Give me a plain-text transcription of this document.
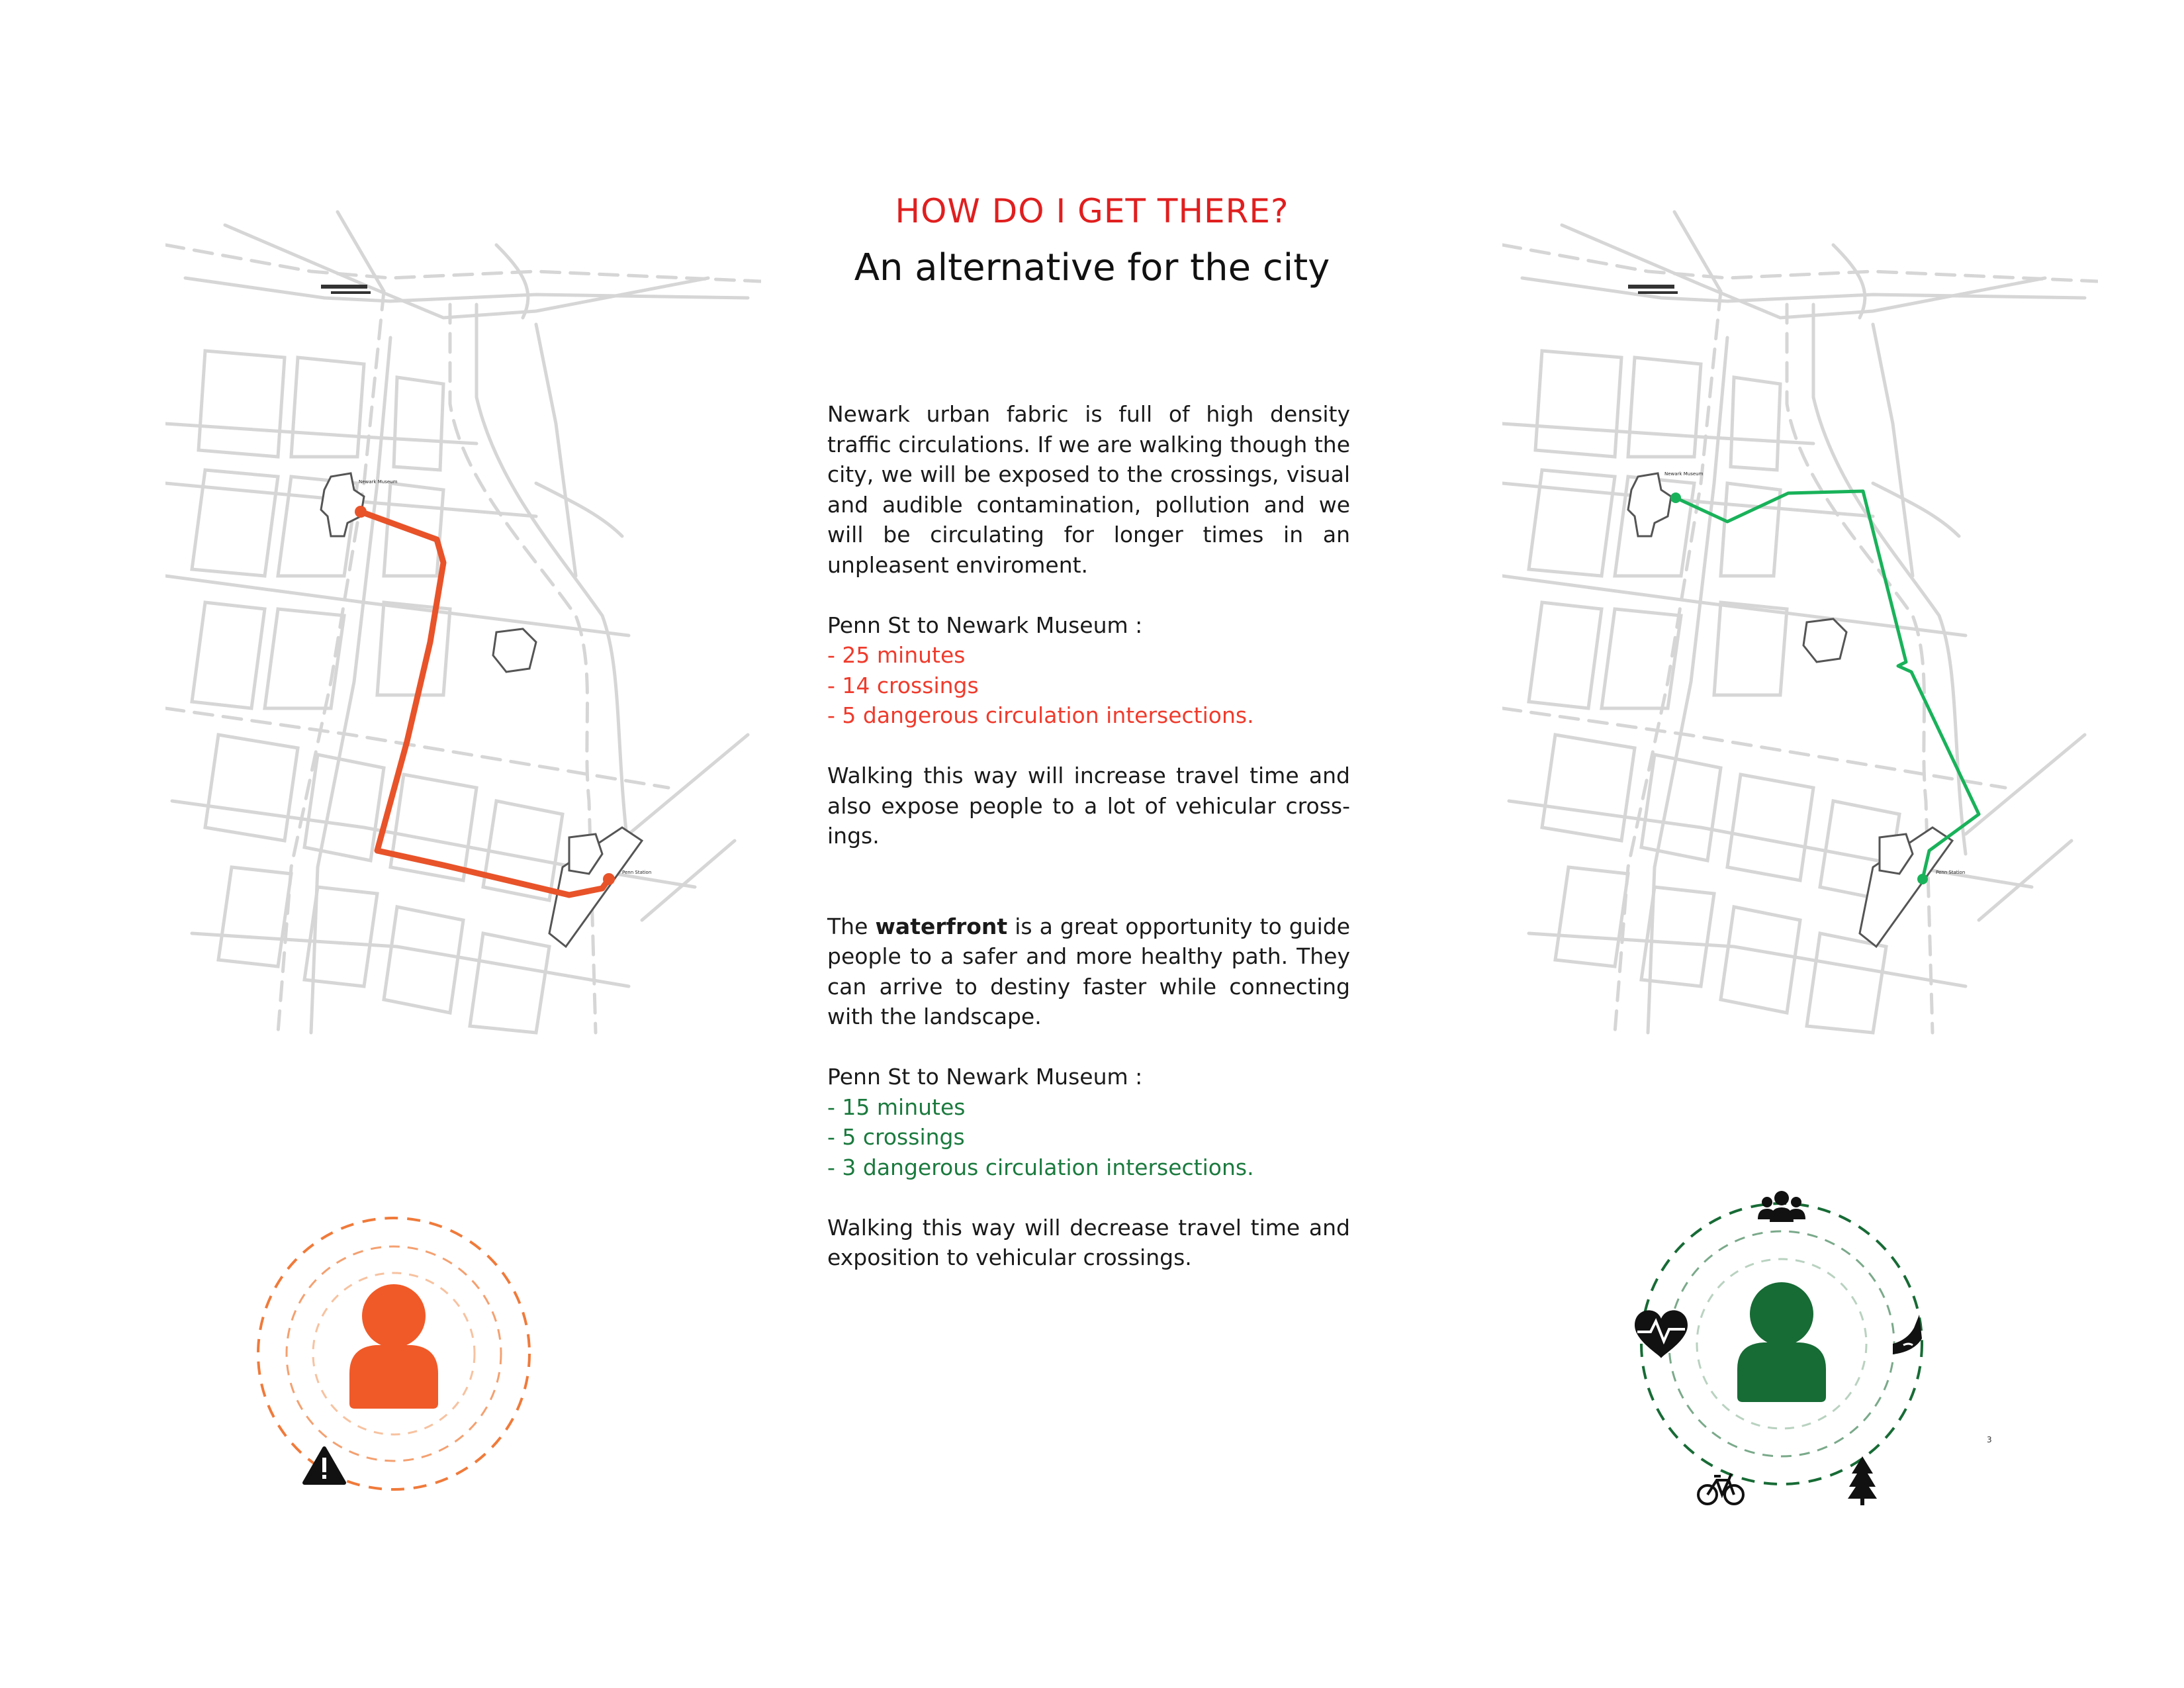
HOW DO I GET THERE?
An alternative for the city

Newark urban fabric is full of high density traffic circulations. If we are walking though the city, we will be exposed to the crossings, visual and audible contamination, pollution and we will be circulating for longer times in an unpleasent enviroment.

Penn St to Newark Museum :
- 25 minutes
- 14 crossings
- 5 dangerous circulation intersections.

Walking this way will increase travel time and also expose people to a lot of vehicular cross-ings.

The waterfront is a great opportunity to guide people to a safer and more healthy path. They can arrive to destiny faster while connecting with the landscape.

Penn St to Newark Museum :
- 15 minutes
- 5 crossings
- 3 dangerous circulation intersections.

Walking this way will decrease travel time and exposition to vehicular crossings.

Newark Museum
Penn Station
Newark Museum
Penn Station
3
